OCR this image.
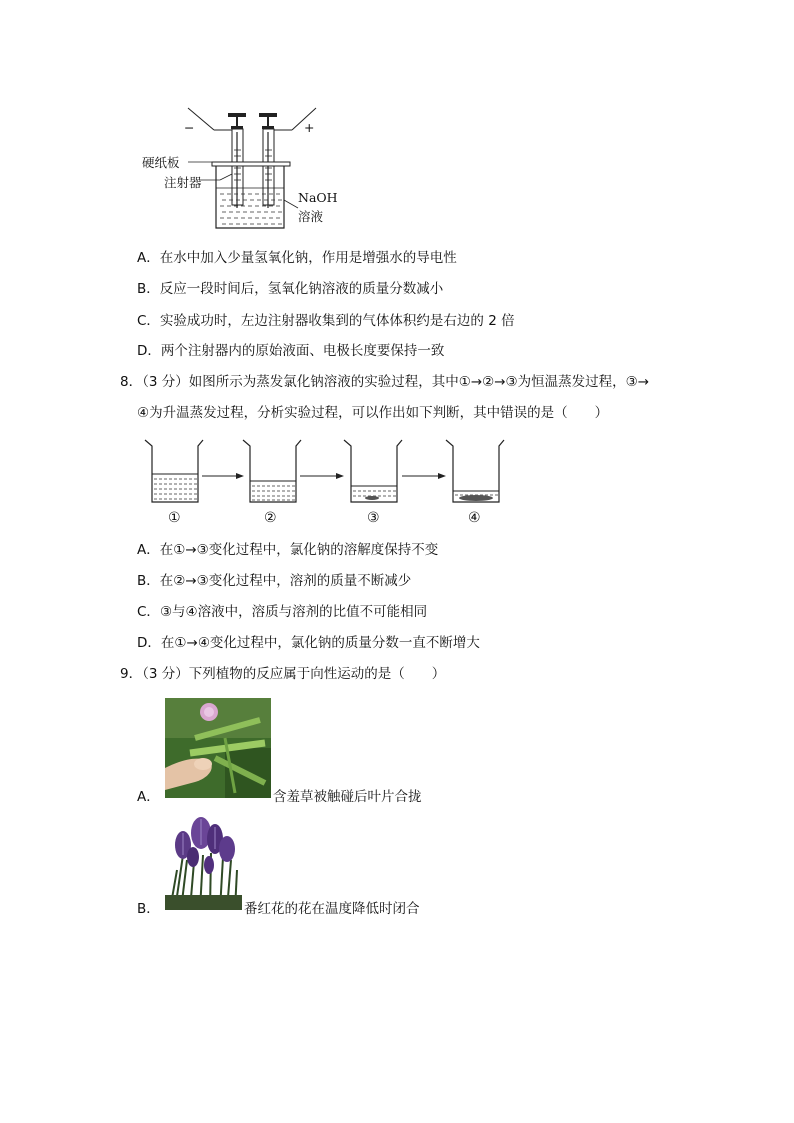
−	+
硬纸板
注射器
NaOH
溶液
A．在水中加入少量氢氧化钠，作用是增强水的导电性
B．反应一段时间后，氢氧化钠溶液的质量分数减小
C．实验成功时，左边注射器收集到的气体体积约是右边的 2 倍
D．两个注射器内的原始液面、电极长度要保持一致
8．（3 分）如图所示为蒸发氯化钠溶液的实验过程，其中①→②→③为恒温蒸发过程，③→
④为升温蒸发过程，分析实验过程，可以作出如下判断，其中错误的是（　　）
①	②	③	④
A．在①→③变化过程中，氯化钠的溶解度保持不变
B．在②→③变化过程中，溶剂的质量不断减少
C．③与④溶液中，溶质与溶剂的比值不可能相同
D．在①→④变化过程中，氯化钠的质量分数一直不断增大
9．（3 分）下列植物的反应属于向性运动的是（　　）
A．	含羞草被触碰后叶片合拢
B．	番红花的花在温度降低时闭合
